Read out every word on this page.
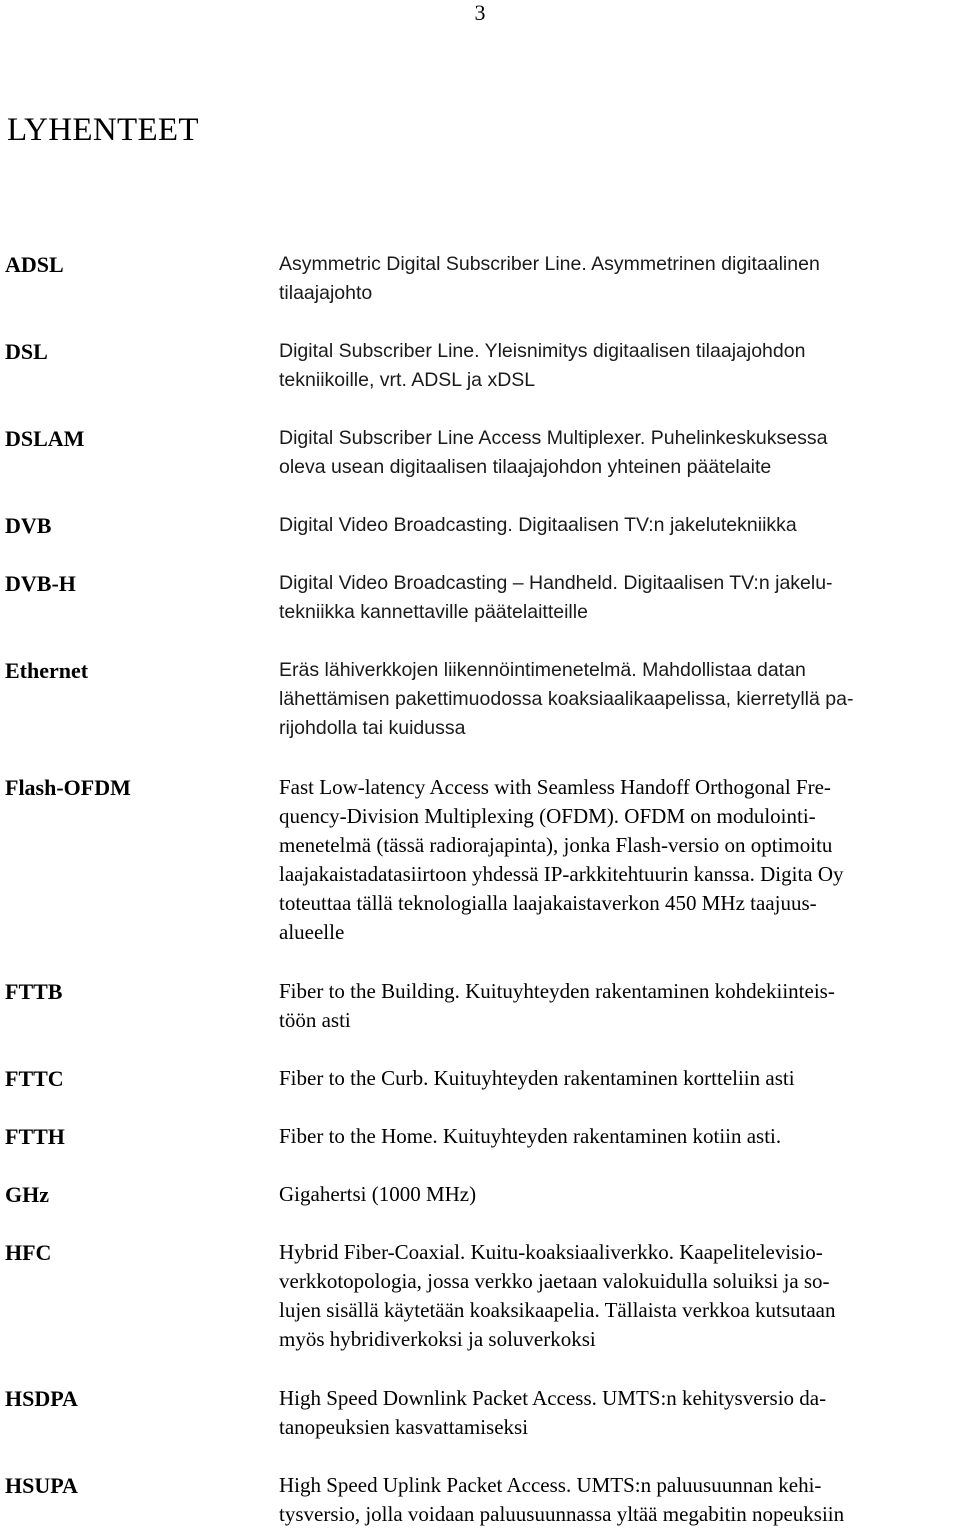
3
LYHENTEET
ADSL	Asymmetric Digital Subscriber Line. Asymmetrinen digitaalinen
tilaajajohto
DSL	Digital Subscriber Line. Yleisnimitys digitaalisen tilaajajohdon
tekniikoille, vrt. ADSL ja xDSL
DSLAM	Digital Subscriber Line Access Multiplexer. Puhelinkeskuksessa
oleva usean digitaalisen tilaajajohdon yhteinen päätelaite
DVB	Digital Video Broadcasting. Digitaalisen TV:n jakelutekniikka
DVB-H	Digital Video Broadcasting – Handheld. Digitaalisen TV:n jakelu-
tekniikka kannettaville päätelaitteille
Ethernet	Eräs lähiverkkojen liikennöintimenetelmä. Mahdollistaa datan
lähettämisen pakettimuodossa koaksiaalikaapelissa, kierretyllä pa-
rijohdolla tai kuidussa
Flash-OFDM	Fast Low-latency Access with Seamless Handoff Orthogonal Fre-
quency-Division Multiplexing (OFDM). OFDM on modulointi-
menetelmä (tässä radiorajapinta), jonka Flash-versio on optimoitu
laajakaistadatasiirtoon yhdessä IP-arkkitehtuurin kanssa. Digita Oy
toteuttaa tällä teknologialla laajakaistaverkon 450 MHz taajuus-
alueelle
FTTB	Fiber to the Building. Kuituyhteyden rakentaminen kohdekiinteis-
töön asti
FTTC	Fiber to the Curb. Kuituyhteyden rakentaminen kortteliin asti
FTTH	Fiber to the Home. Kuituyhteyden rakentaminen kotiin asti.
GHz	Gigahertsi (1000 MHz)
HFC	Hybrid Fiber-Coaxial. Kuitu-koaksiaaliverkko. Kaapelitelevisio-
verkkotopologia, jossa verkko jaetaan valokuidulla soluiksi ja so-
lujen sisällä käytetään koaksikaapelia. Tällaista verkkoa kutsutaan
myös hybridiverkoksi ja soluverkoksi
HSDPA	High Speed Downlink Packet Access. UMTS:n kehitysversio da-
tanopeuksien kasvattamiseksi
HSUPA	High Speed Uplink Packet Access. UMTS:n paluusuunnan kehi-
tysversio, jolla voidaan paluusuunnassa yltää megabitin nopeuksiin
